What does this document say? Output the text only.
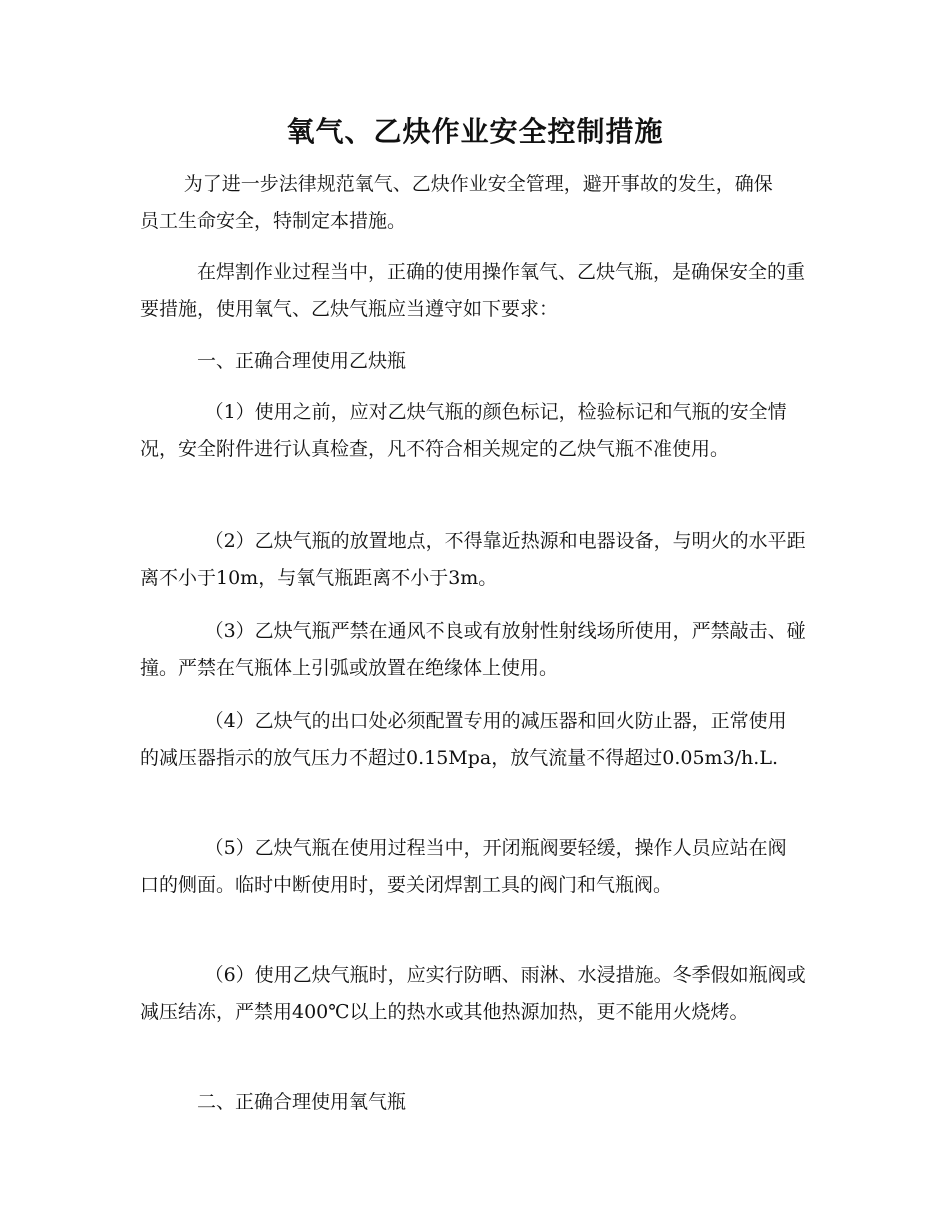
氧气、乙炔作业安全控制措施

为了进一步法律规范氧气、乙炔作业安全管理，避开事故的发生，确保员工生命安全，特制定本措施。

在焊割作业过程当中，正确的使用操作氧气、乙炔气瓶，是确保安全的重要措施，使用氧气、乙炔气瓶应当遵守如下要求：

一、正确合理使用乙炔瓶

（1）使用之前，应对乙炔气瓶的颜色标记，检验标记和气瓶的安全情况，安全附件进行认真检查，凡不符合相关规定的乙炔气瓶不准使用。

（2）乙炔气瓶的放置地点，不得靠近热源和电器设备，与明火的水平距离不小于10m，与氧气瓶距离不小于3m。

（3）乙炔气瓶严禁在通风不良或有放射性射线场所使用，严禁敲击、碰撞。严禁在气瓶体上引弧或放置在绝缘体上使用。

（4）乙炔气的出口处必须配置专用的减压器和回火防止器，正常使用的减压器指示的放气压力不超过0.15Mpa，放气流量不得超过0.05m3/h.L.

（5）乙炔气瓶在使用过程当中，开闭瓶阀要轻缓，操作人员应站在阀口的侧面。临时中断使用时，要关闭焊割工具的阀门和气瓶阀。

（6）使用乙炔气瓶时，应实行防晒、雨淋、水浸措施。冬季假如瓶阀或减压结冻，严禁用400℃以上的热水或其他热源加热，更不能用火烧烤。

二、正确合理使用氧气瓶
